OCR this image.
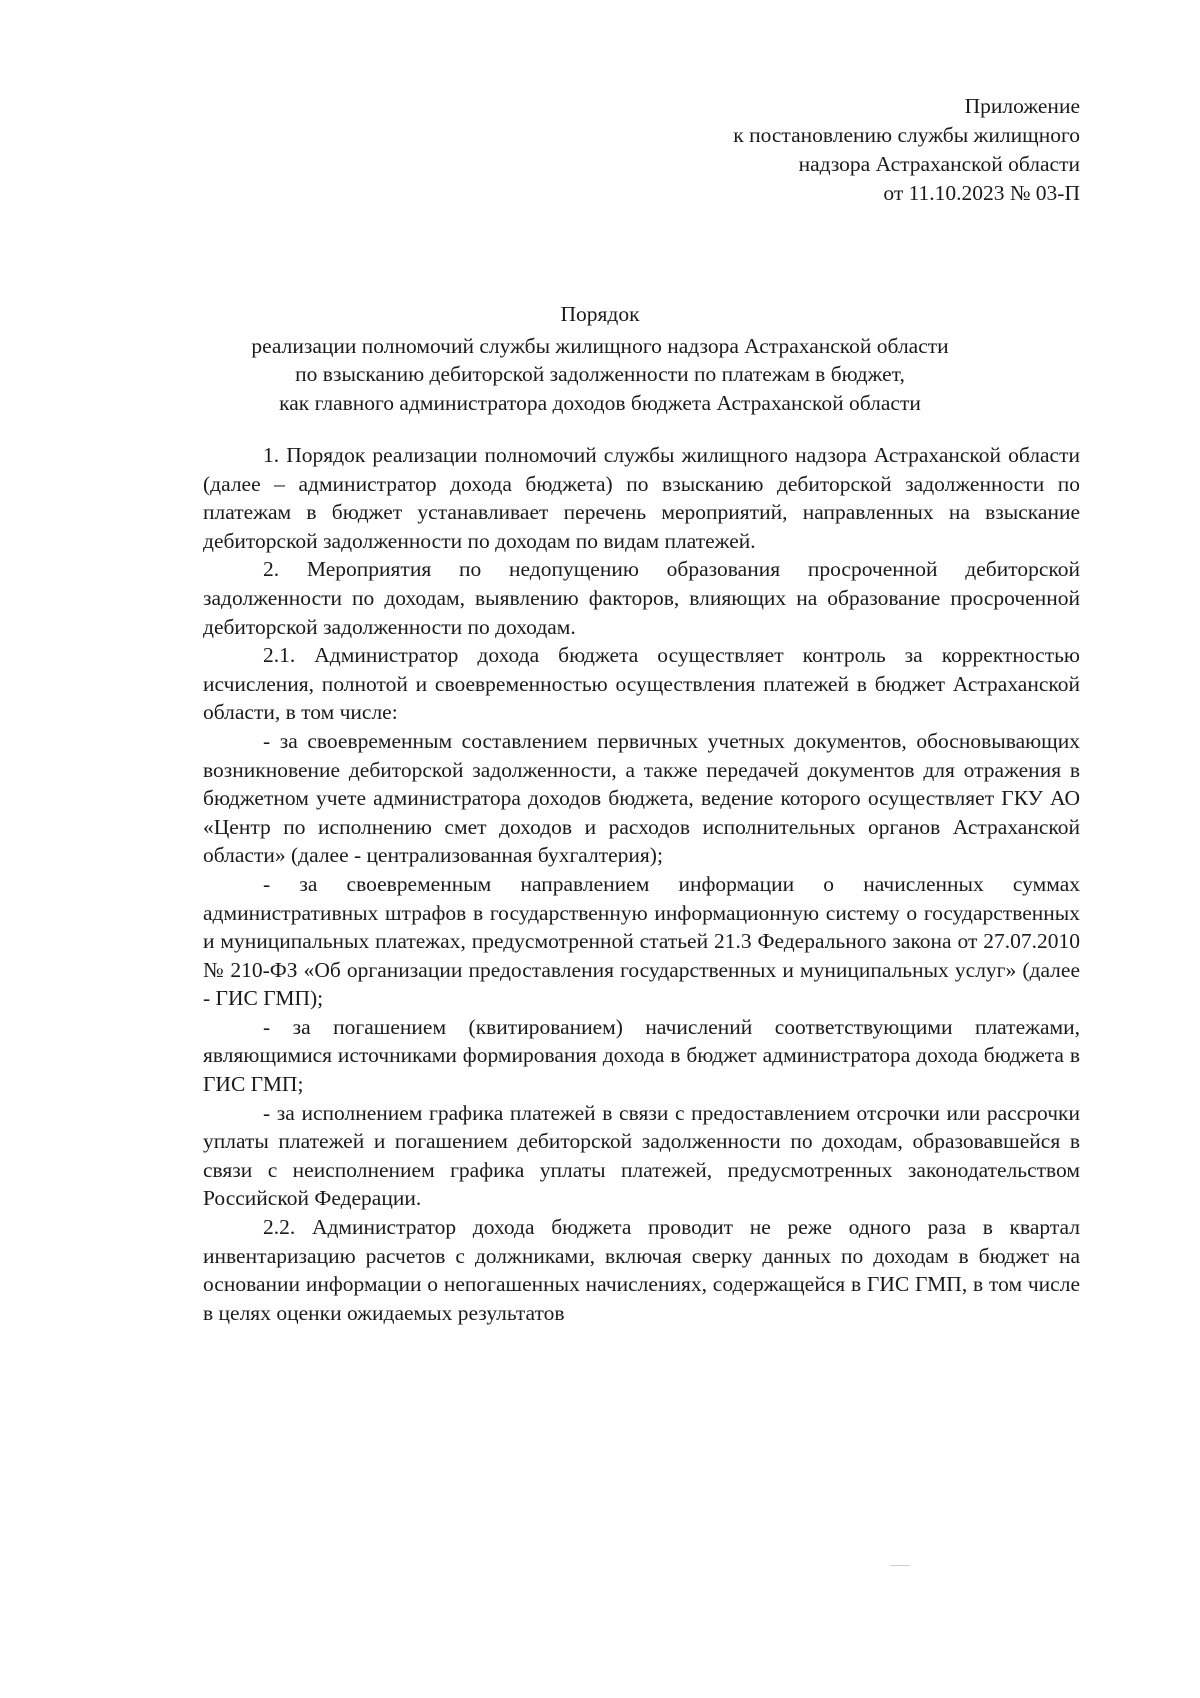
Приложение
к постановлению службы жилищного
надзора Астраханской области
от 11.10.2023 № 03-П
Порядок
реализации полномочий службы жилищного надзора Астраханской области
по взысканию дебиторской задолженности по платежам в бюджет,
как главного администратора доходов бюджета Астраханской области

1. Порядок реализации полномочий службы жилищного надзора Астраханской области (далее – администратор дохода бюджета) по взысканию дебиторской задолженности по платежам в бюджет устанавливает перечень мероприятий, направленных на взыскание дебиторской задолженности по доходам по видам платежей.

2. Мероприятия по недопущению образования просроченной дебиторской задолженности по доходам, выявлению факторов, влияющих на образование просроченной дебиторской задолженности по доходам.

2.1. Администратор дохода бюджета осуществляет контроль за корректностью исчисления, полнотой и своевременностью осуществления платежей в бюджет Астраханской области, в том числе:

- за своевременным составлением первичных учетных документов, обосновывающих возникновение дебиторской задолженности, а также передачей документов для отражения в бюджетном учете администратора доходов бюджета, ведение которого осуществляет ГКУ АО «Центр по исполнению смет доходов и расходов исполнительных органов Астраханской области» (далее - централизованная бухгалтерия);

- за своевременным направлением информации о начисленных суммах административных штрафов в государственную информационную систему о государственных и муниципальных платежах, предусмотренной статьей 21.3 Федерального закона от 27.07.2010 № 210-ФЗ «Об организации предоставления государственных и муниципальных услуг» (далее - ГИС ГМП);

- за погашением (квитированием) начислений соответствующими платежами, являющимися источниками формирования дохода в бюджет администратора дохода бюджета в ГИС ГМП;

- за исполнением графика платежей в связи с предоставлением отсрочки или рассрочки уплаты платежей и погашением дебиторской задолженности по доходам, образовавшейся в связи с неисполнением графика уплаты платежей, предусмотренных законодательством Российской Федерации.

2.2. Администратор дохода бюджета проводит не реже одного раза в квартал инвентаризацию расчетов с должниками, включая сверку данных по доходам в бюджет на основании информации о непогашенных начислениях, содержащейся в ГИС ГМП, в том числе в целях оценки ожидаемых результатов
